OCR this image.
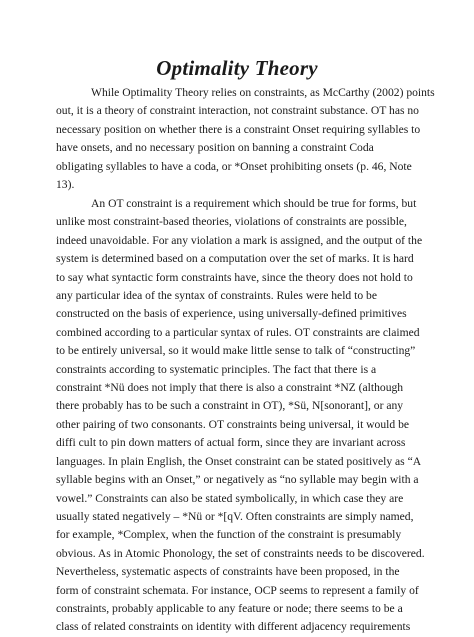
Optimality Theory

While Optimality Theory relies on constraints, as McCarthy (2002) points
out, it is a theory of constraint interaction, not constraint substance. OT has no
necessary position on whether there is a constraint Onset requiring syllables to
have onsets, and no necessary position on banning a constraint Coda
obligating syllables to have a coda, or *Onset prohibiting onsets (p. 46, Note
13).

An OT constraint is a requirement which should be true for forms, but
unlike most constraint-based theories, violations of constraints are possible,
indeed unavoidable. For any violation a mark is assigned, and the output of the
system is determined based on a computation over the set of marks. It is hard
to say what syntactic form constraints have, since the theory does not hold to
any particular idea of the syntax of constraints. Rules were held to be
constructed on the basis of experience, using universally-defined primitives
combined according to a particular syntax of rules. OT constraints are claimed
to be entirely universal, so it would make little sense to talk of “constructing”
constraints according to systematic principles. The fact that there is a
constraint *Nü does not imply that there is also a constraint *NZ (although
there probably has to be such a constraint in OT), *Sü, N[sonorant], or any
other pairing of two consonants. OT constraints being universal, it would be
diffi cult to pin down matters of actual form, since they are invariant across
languages. In plain English, the Onset constraint can be stated positively as “A
syllable begins with an Onset,” or negatively as “no syllable may begin with a
vowel.” Constraints can also be stated symbolically, in which case they are
usually stated negatively – *Nü or *[qV. Often constraints are simply named,
for example, *Complex, when the function of the constraint is presumably
obvious. As in Atomic Phonology, the set of constraints needs to be discovered.
Nevertheless, systematic aspects of constraints have been proposed, in the
form of constraint schemata. For instance, OCP seems to represent a family of
constraints, probably applicable to any feature or node; there seems to be a
class of related constraints on identity with different adjacency requirements
